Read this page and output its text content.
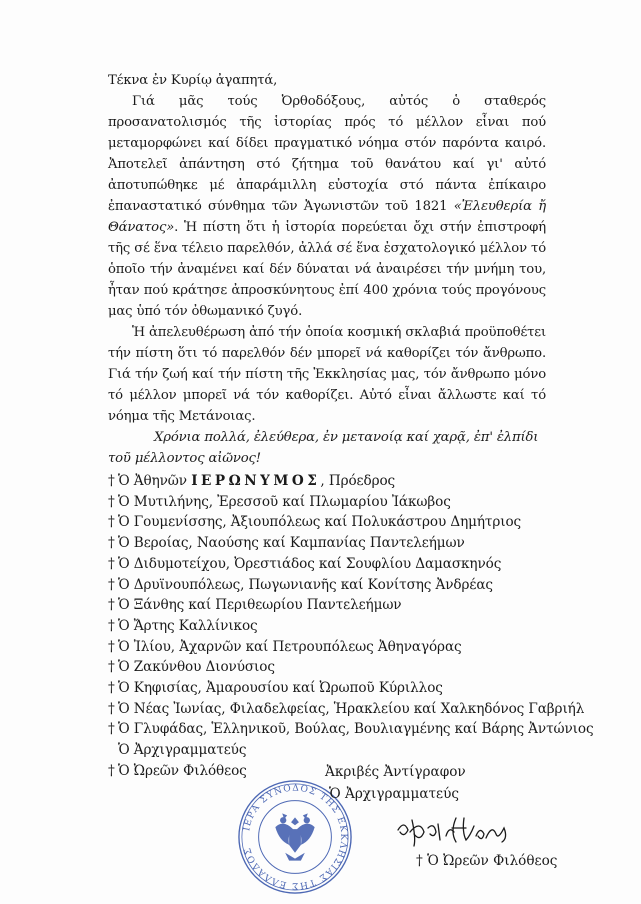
Τέκνα ἐν Κυρίῳ ἀγαπητά,

Γιά μᾶς τούς Ὀρθοδόξους, αὐτός ὁ σταθερός προσανατολισμός τῆς ἱστορίας πρός τό μέλλον εἶναι πού μεταμορφώνει καί δίδει πραγματικό νόημα στόν παρόντα καιρό. Ἀποτελεῖ ἀπάντηση στό ζήτημα τοῦ θανάτου καί γι' αὐτό ἀποτυπώθηκε μέ ἀπαράμιλλη εὐστοχία στό πάντα ἐπίκαιρο ἐπαναστατικό σύνθημα τῶν Ἀγωνιστῶν τοῦ 1821 «Ἐλευθερία ἤ Θάνατος». Ἡ πίστη ὅτι ἡ ἱστορία πορεύεται ὄχι στήν ἐπιστροφή τῆς σέ ἕνα τέλειο παρελθόν, ἀλλά σέ ἕνα ἐσχατολογικό μέλλον τό ὁποῖο τήν ἀναμένει καί δέν δύναται νά ἀναιρέσει τήν μνήμη του, ἦταν πού κράτησε ἀπροσκύνητους ἐπί 400 χρόνια τούς προγόνους μας ὑπό τόν ὀθωμανικό ζυγό.

Ἡ ἀπελευθέρωση ἀπό τήν ὁποία κοσμική σκλαβιά προϋποθέτει τήν πίστη ὅτι τό παρελθόν δέν μπορεῖ νά καθορίζει τόν ἄνθρωπο. Γιά τήν ζωή καί τήν πίστη τῆς Ἐκκλησίας μας, τόν ἄνθρωπο μόνο τό μέλλον μπορεῖ νά τόν καθορίζει. Αὐτό εἶναι ἄλλωστε καί τό νόημα τῆς Μετάνοιας.

Χρόνια πολλά, ἐλεύθερα, ἐν μετανοίᾳ καί χαρᾷ, ἐπ' ἐλπίδι

τοῦ μέλλοντος αἰῶνος!

† Ὁ Ἀθηνῶν ΙΕΡΩΝΥΜΟΣ, Πρόεδρος
† Ὁ Μυτιλήνης, Ἐρεσσοῦ καί Πλωμαρίου Ἰάκωβος
† Ὁ Γουμενίσσης, Ἀξιουπόλεως καί Πολυκάστρου Δημήτριος
† Ὁ Βεροίας, Ναούσης καί Καμπανίας Παντελεήμων
† Ὁ Διδυμοτείχου, Ὀρεστιάδος καί Σουφλίου Δαμασκηνός
† Ὁ Δρυϊνουπόλεως, Πωγωνιανῆς καί Κονίτσης Ἀνδρέας
† Ὁ Ξάνθης καί Περιθεωρίου Παντελεήμων
† Ὁ Ἄρτης Καλλίνικος
† Ὁ Ἰλίου, Ἀχαρνῶν καί Πετρουπόλεως Ἀθηναγόρας
† Ὁ Ζακύνθου Διονύσιος
† Ὁ Κηφισίας, Ἀμαρουσίου καί Ὠρωποῦ Κύριλλος
† Ὁ Νέας Ἰωνίας, Φιλαδελφείας, Ἡρακλείου καί Χαλκηδόνος Γαβριήλ
† Ὁ Γλυφάδας, Ἑλληνικοῦ, Βούλας, Βουλιαγμένης καί Βάρης Ἀντώνιος
Ὁ Ἀρχιγραμματεύς
† Ὁ Ὠρεῶν Φιλόθεος
ΙΕΡΑ ΣΥΝΟΔΟΣ ΤΗΣ ΕΚΚΛΗΣΙΑΣ ΤΗΣ ΕΛΛΑΔΟΣ
Ἀκριβές Ἀντίγραφον
Ὁ Ἀρχιγραμματεύς
† Ὁ Ὠρεῶν Φιλόθεος
